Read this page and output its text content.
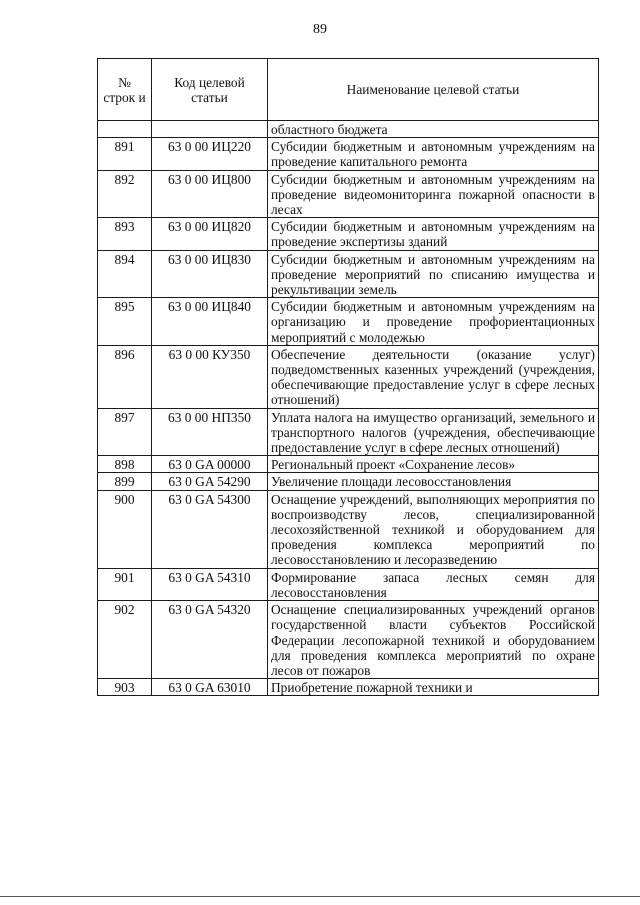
89
№ строк и	Код целевой статьи	Наименование целевой статьи
		областного бюджета
891	63 0 00 ИЦ220	Субсидии бюджетным и автономным учреждениям на проведение капитального ремонта
892	63 0 00 ИЦ800	Субсидии бюджетным и автономным учреждениям на проведение видеомониторинга пожарной опасности в лесах
893	63 0 00 ИЦ820	Субсидии бюджетным и автономным учреждениям на проведение экспертизы зданий
894	63 0 00 ИЦ830	Субсидии бюджетным и автономным учреждениям на проведение мероприятий по списанию имущества и рекультивации земель
895	63 0 00 ИЦ840	Субсидии бюджетным и автономным учреждениям на организацию и проведение профориентационных мероприятий с молодежью
896	63 0 00 КУ350	Обеспечение деятельности (оказание услуг) подведомственных казенных учреждений (учреждения, обеспечивающие предоставление услуг в сфере лесных отношений)
897	63 0 00 НП350	Уплата налога на имущество организаций, земельного и транспортного налогов (учреждения, обеспечивающие предоставление услуг в сфере лесных отношений)
898	63 0 GA 00000	Региональный проект «Сохранение лесов»
899	63 0 GA 54290	Увеличение площади лесовосстановления
900	63 0 GA 54300	Оснащение учреждений, выполняющих мероприятия по воспроизводству лесов, специализированной лесохозяйственной техникой и оборудованием для проведения комплекса мероприятий по лесовосстановлению и лесоразведению
901	63 0 GA 54310	Формирование запаса лесных семян для лесовосстановления
902	63 0 GA 54320	Оснащение специализированных учреждений органов государственной власти субъектов Российской Федерации лесопожарной техникой и оборудованием для проведения комплекса мероприятий по охране лесов от пожаров
903	63 0 GA 63010	Приобретение пожарной техники и
